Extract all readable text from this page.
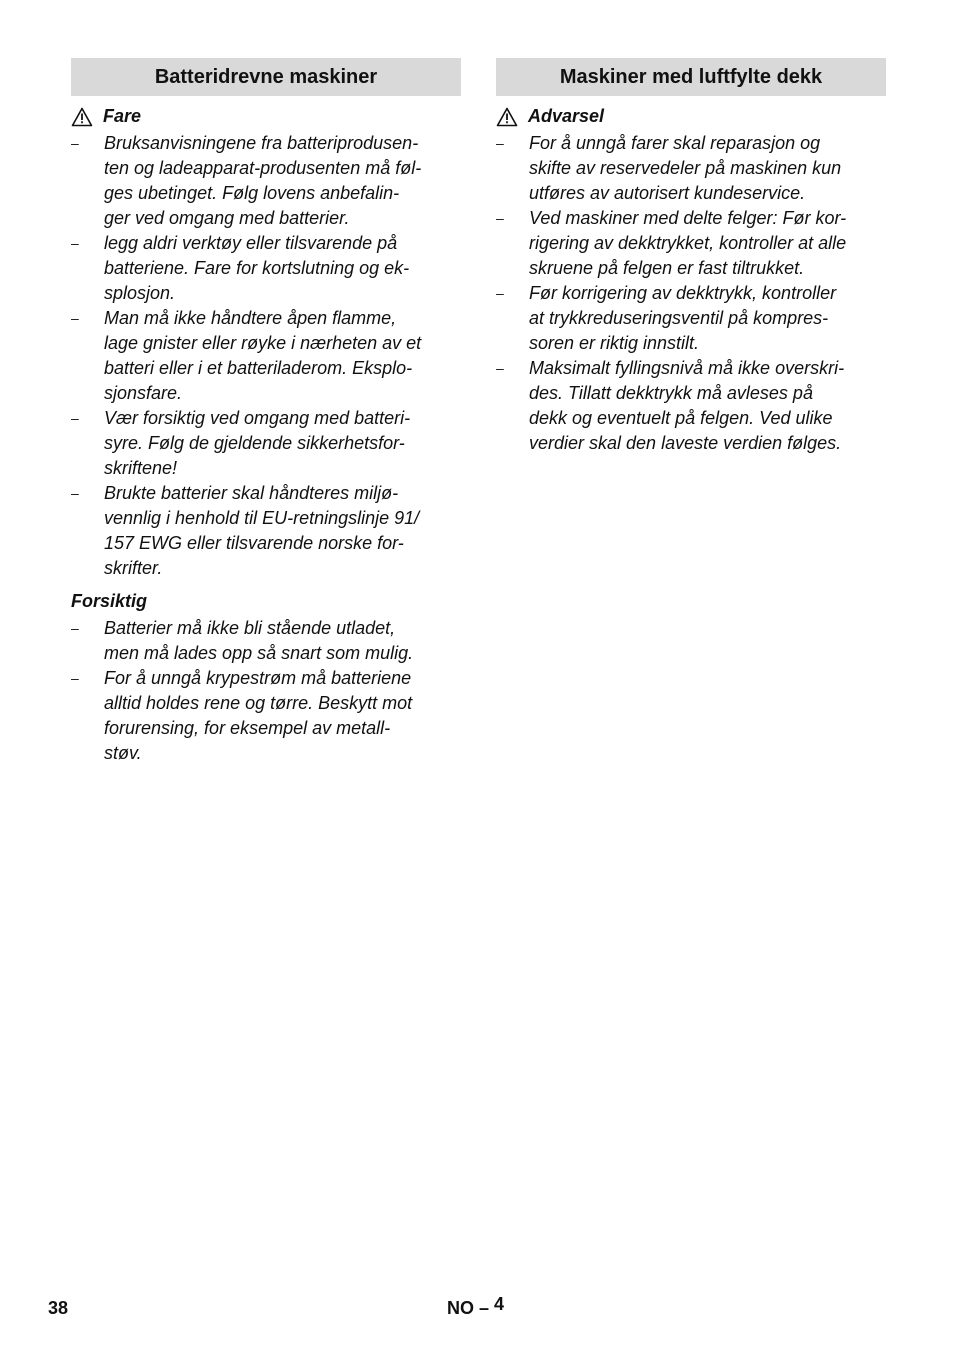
Batteridrevne maskiner
Fare
– Bruksanvisningene fra batteriprodusen-
ten og ladeapparat-produsenten må føl-
ges ubetinget. Følg lovens anbefalin-
ger ved omgang med batterier.
– legg aldri verktøy eller tilsvarende på
batteriene. Fare for kortslutning og ek-
splosjon.
– Man må ikke håndtere åpen flamme,
lage gnister eller røyke i nærheten av et
batteri eller i et batteriladerom. Eksplo-
sjonsfare.
– Vær forsiktig ved omgang med batteri-
syre. Følg de gjeldende sikkerhetsfor-
skriftene!
– Brukte batterier skal håndteres miljø-
vennlig i henhold til EU-retningslinje 91/
157 EWG eller tilsvarende norske for-
skrifter.
Forsiktig
– Batterier må ikke bli stående utladet,
men må lades opp så snart som mulig.
– For å unngå krypestrøm må batteriene
alltid holdes rene og tørre. Beskytt mot
forurensing, for eksempel av metall-
støv.
Maskiner med luftfylte dekk
Advarsel
– For å unngå farer skal reparasjon og
skifte av reservedeler på maskinen kun
utføres av autorisert kundeservice.
– Ved maskiner med delte felger: Før kor-
rigering av dekktrykket, kontroller at alle
skruene på felgen er fast tiltrukket.
– Før korrigering av dekktrykk, kontroller
at trykkreduseringsventil på kompres-
soren er riktig innstilt.
– Maksimalt fyllingsnivå må ikke overskri-
des. Tillatt dekktrykk må avleses på
dekk og eventuelt på felgen. Ved ulike
verdier skal den laveste verdien følges.
38	NO – 4
